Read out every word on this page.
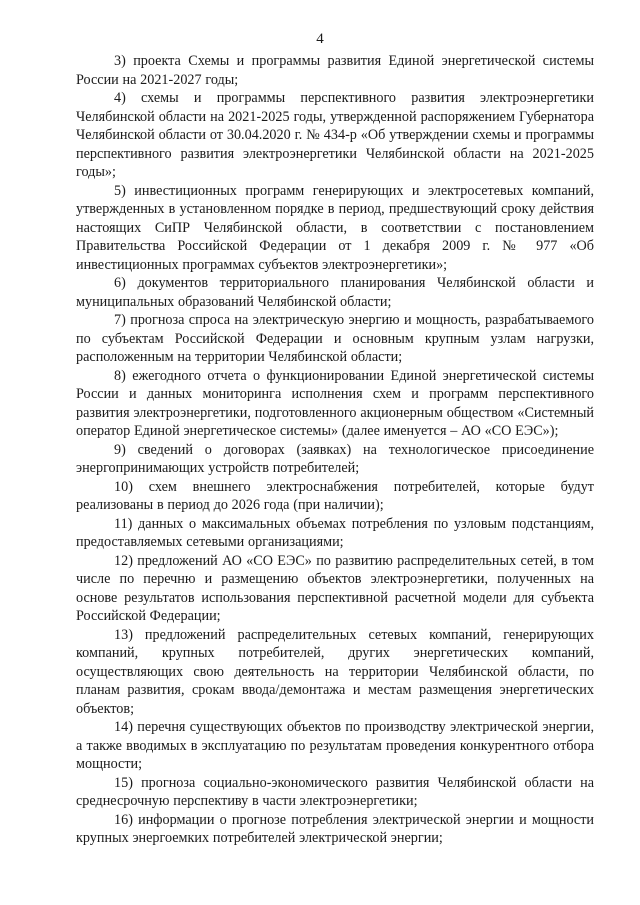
4

3) проекта Схемы и программы развития Единой энергетической системы России на 2021-2027 годы;

4) схемы и программы перспективного развития электроэнергетики Челябинской области на 2021-2025 годы, утвержденной распоряжением Губернатора Челябинской области от 30.04.2020 г. № 434-р «Об утверждении схемы и программы перспективного развития электроэнергетики Челябинской области на 2021-2025 годы»;

5) инвестиционных программ генерирующих и электросетевых компаний, утвержденных в установленном порядке в период, предшествующий сроку действия настоящих СиПР Челябинской области, в соответствии с постановлением Правительства Российской Федерации от 1 декабря 2009 г. № 977 «Об инвестиционных программах субъектов электроэнергетики»;

6) документов территориального планирования Челябинской области и муниципальных образований Челябинской области;

7) прогноза спроса на электрическую энергию и мощность, разрабатываемого по субъектам Российской Федерации и основным крупным узлам нагрузки, расположенным на территории Челябинской области;

8) ежегодного отчета о функционировании Единой энергетической системы России и данных мониторинга исполнения схем и программ перспективного развития электроэнергетики, подготовленного акционерным обществом «Системный оператор Единой энергетическое системы» (далее именуется – АО «СО ЕЭС»);

9) сведений о договорах (заявках) на технологическое присоединение энергопринимающих устройств потребителей;

10) схем внешнего электроснабжения потребителей, которые будут реализованы в период до 2026 года (при наличии);

11) данных о максимальных объемах потребления по узловым подстанциям, предоставляемых сетевыми организациями;

12) предложений АО «СО ЕЭС» по развитию распределительных сетей, в том числе по перечню и размещению объектов электроэнергетики, полученных на основе результатов использования перспективной расчетной модели для субъекта Российской Федерации;

13) предложений распределительных сетевых компаний, генерирующих компаний, крупных потребителей, других энергетических компаний, осуществляющих свою деятельность на территории Челябинской области, по планам развития, срокам ввода/демонтажа и местам размещения энергетических объектов;

14) перечня существующих объектов по производству электрической энергии, а также вводимых в эксплуатацию по результатам проведения конкурентного отбора мощности;

15) прогноза социально-экономического развития Челябинской области на среднесрочную перспективу в части электроэнергетики;

16) информации о прогнозе потребления электрической энергии и мощности крупных энергоемких потребителей электрической энергии;
